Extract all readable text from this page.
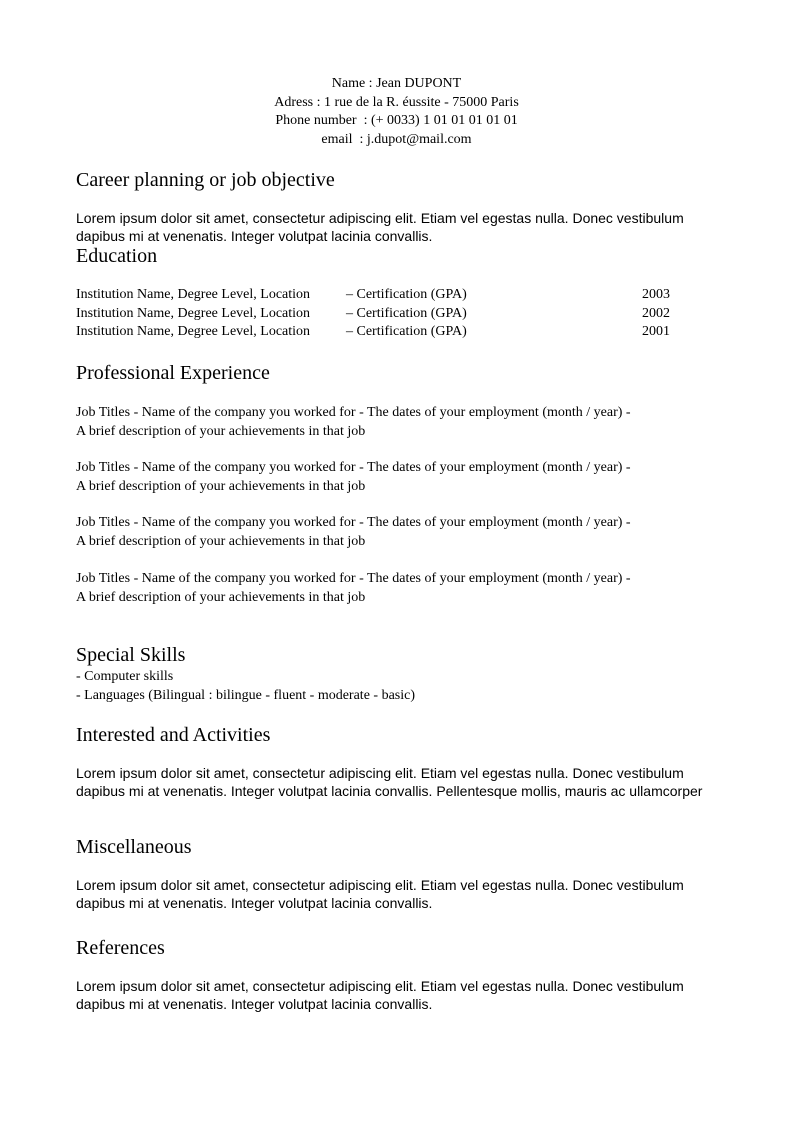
Name : Jean DUPONT
Adress : 1 rue de la R. éussite - 75000 Paris
Phone number  : (+ 0033) 1 01 01 01 01 01
email  : j.dupot@mail.com
Career planning or job objective

Lorem ipsum dolor sit amet, consectetur adipiscing elit. Etiam vel egestas nulla. Donec vestibulum dapibus mi at venenatis. Integer volutpat lacinia convallis.

Education
Institution Name, Degree Level, Location	– Certification (GPA)	2003
Institution Name, Degree Level, Location	– Certification (GPA)	2002
Institution Name, Degree Level, Location	– Certification (GPA)	2001
Professional Experience
Job Titles - Name of the company you worked for - The dates of your employment (month / year) -
A brief description of your achievements in that job
Job Titles - Name of the company you worked for - The dates of your employment (month / year) -
A brief description of your achievements in that job
Job Titles - Name of the company you worked for - The dates of your employment (month / year) -
A brief description of your achievements in that job
Job Titles - Name of the company you worked for - The dates of your employment (month / year) -
A brief description of your achievements in that job
Special Skills
- Computer skills
- Languages (Bilingual : bilingue - fluent - moderate - basic)
Interested and Activities

Lorem ipsum dolor sit amet, consectetur adipiscing elit. Etiam vel egestas nulla. Donec vestibulum dapibus mi at venenatis. Integer volutpat lacinia convallis. Pellentesque mollis, mauris ac ullamcorper

Miscellaneous

Lorem ipsum dolor sit amet, consectetur adipiscing elit. Etiam vel egestas nulla. Donec vestibulum dapibus mi at venenatis. Integer volutpat lacinia convallis.

References

Lorem ipsum dolor sit amet, consectetur adipiscing elit. Etiam vel egestas nulla. Donec vestibulum dapibus mi at venenatis. Integer volutpat lacinia convallis.
